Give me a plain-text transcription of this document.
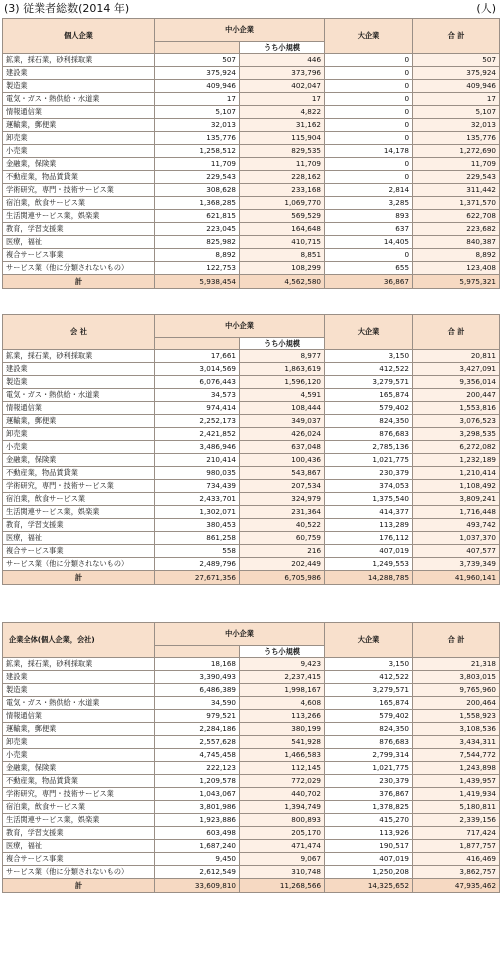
(3) 従業者総数(2014 年)	(人)
個人企業	中小企業		大企業	合 計
		うち小規模		
鉱業，採石業，砂利採取業	507	446	0	507
建設業	375,924	373,796	0	375,924
製造業	409,946	402,047	0	409,946
電気・ガス・熱供給・水道業	17	17	0	17
情報通信業	5,107	4,822	0	5,107
運輸業，郵便業	32,013	31,162	0	32,013
卸売業	135,776	115,904	0	135,776
小売業	1,258,512	829,535	14,178	1,272,690
金融業，保険業	11,709	11,709	0	11,709
不動産業，物品賃貸業	229,543	228,162	0	229,543
学術研究，専門・技術サービス業	308,628	233,168	2,814	311,442
宿泊業，飲食サービス業	1,368,285	1,069,770	3,285	1,371,570
生活関連サービス業，娯楽業	621,815	569,529	893	622,708
教育，学習支援業	223,045	164,648	637	223,682
医療，福祉	825,982	410,715	14,405	840,387
複合サービス事業	8,892	8,851	0	8,892
サービス業（他に分類されないもの）	122,753	108,299	655	123,408
計	5,938,454	4,562,580	36,867	5,975,321
会 社	中小企業		大企業	合 計
		うち小規模		
鉱業，採石業，砂利採取業	17,661	8,977	3,150	20,811
建設業	3,014,569	1,863,619	412,522	3,427,091
製造業	6,076,443	1,596,120	3,279,571	9,356,014
電気・ガス・熱供給・水道業	34,573	4,591	165,874	200,447
情報通信業	974,414	108,444	579,402	1,553,816
運輸業，郵便業	2,252,173	349,037	824,350	3,076,523
卸売業	2,421,852	426,024	876,683	3,298,535
小売業	3,486,946	637,048	2,785,136	6,272,082
金融業，保険業	210,414	100,436	1,021,775	1,232,189
不動産業，物品賃貸業	980,035	543,867	230,379	1,210,414
学術研究，専門・技術サービス業	734,439	207,534	374,053	1,108,492
宿泊業，飲食サービス業	2,433,701	324,979	1,375,540	3,809,241
生活関連サービス業，娯楽業	1,302,071	231,364	414,377	1,716,448
教育，学習支援業	380,453	40,522	113,289	493,742
医療，福祉	861,258	60,759	176,112	1,037,370
複合サービス事業	558	216	407,019	407,577
サービス業（他に分類されないもの）	2,489,796	202,449	1,249,553	3,739,349
計	27,671,356	6,705,986	14,288,785	41,960,141
企業全体(個人企業，会社)	中小企業		大企業	合 計
		うち小規模		
鉱業，採石業，砂利採取業	18,168	9,423	3,150	21,318
建設業	3,390,493	2,237,415	412,522	3,803,015
製造業	6,486,389	1,998,167	3,279,571	9,765,960
電気・ガス・熱供給・水道業	34,590	4,608	165,874	200,464
情報通信業	979,521	113,266	579,402	1,558,923
運輸業，郵便業	2,284,186	380,199	824,350	3,108,536
卸売業	2,557,628	541,928	876,683	3,434,311
小売業	4,745,458	1,466,583	2,799,314	7,544,772
金融業，保険業	222,123	112,145	1,021,775	1,243,898
不動産業，物品賃貸業	1,209,578	772,029	230,379	1,439,957
学術研究，専門・技術サービス業	1,043,067	440,702	376,867	1,419,934
宿泊業，飲食サービス業	3,801,986	1,394,749	1,378,825	5,180,811
生活関連サービス業，娯楽業	1,923,886	800,893	415,270	2,339,156
教育，学習支援業	603,498	205,170	113,926	717,424
医療，福祉	1,687,240	471,474	190,517	1,877,757
複合サービス事業	9,450	9,067	407,019	416,469
サービス業（他に分類されないもの）	2,612,549	310,748	1,250,208	3,862,757
計	33,609,810	11,268,566	14,325,652	47,935,462
